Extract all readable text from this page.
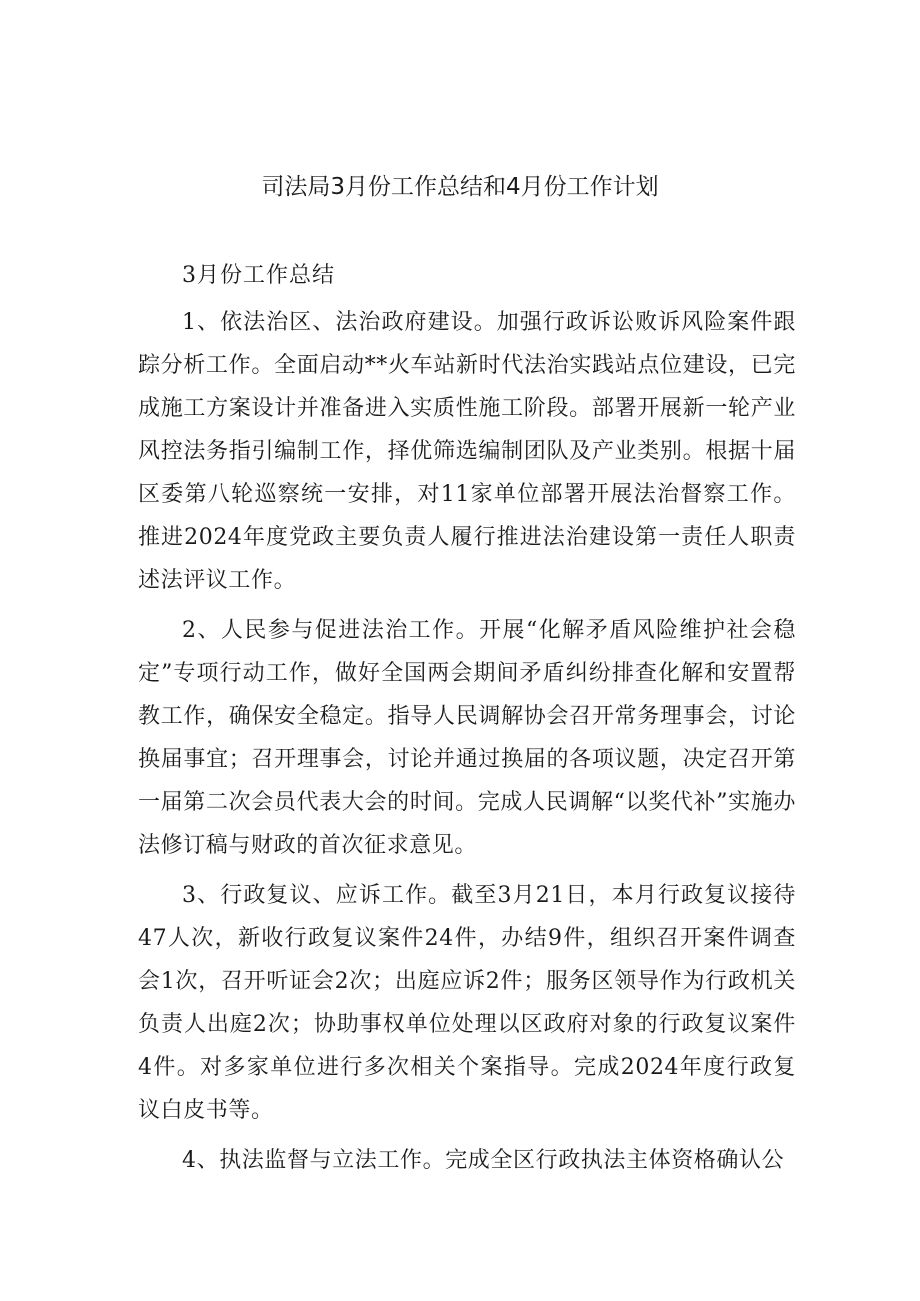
司法局3月份工作总结和4月份工作计划

3月份工作总结

1、依法治区、法治政府建设。加强行政诉讼败诉风险案件跟踪分析工作。全面启动**火车站新时代法治实践站点位建设，已完成施工方案设计并准备进入实质性施工阶段。部署开展新一轮产业风控法务指引编制工作，择优筛选编制团队及产业类别。根据十届区委第八轮巡察统一安排，对11家单位部署开展法治督察工作。推进2024年度党政主要负责人履行推进法治建设第一责任人职责述法评议工作。

2、人民参与促进法治工作。开展“化解矛盾风险维护社会稳定”专项行动工作，做好全国两会期间矛盾纠纷排查化解和安置帮教工作，确保安全稳定。指导人民调解协会召开常务理事会，讨论换届事宜；召开理事会，讨论并通过换届的各项议题，决定召开第一届第二次会员代表大会的时间。完成人民调解“以奖代补”实施办法修订稿与财政的首次征求意见。

3、行政复议、应诉工作。截至3月21日，本月行政复议接待47人次，新收行政复议案件24件，办结9件，组织召开案件调查会1次，召开听证会2次；出庭应诉2件；服务区领导作为行政机关负责人出庭2次；协助事权单位处理以区政府对象的行政复议案件4件。对多家单位进行多次相关个案指导。完成2024年度行政复议白皮书等。

4、执法监督与立法工作。完成全区行政执法主体资格确认公
